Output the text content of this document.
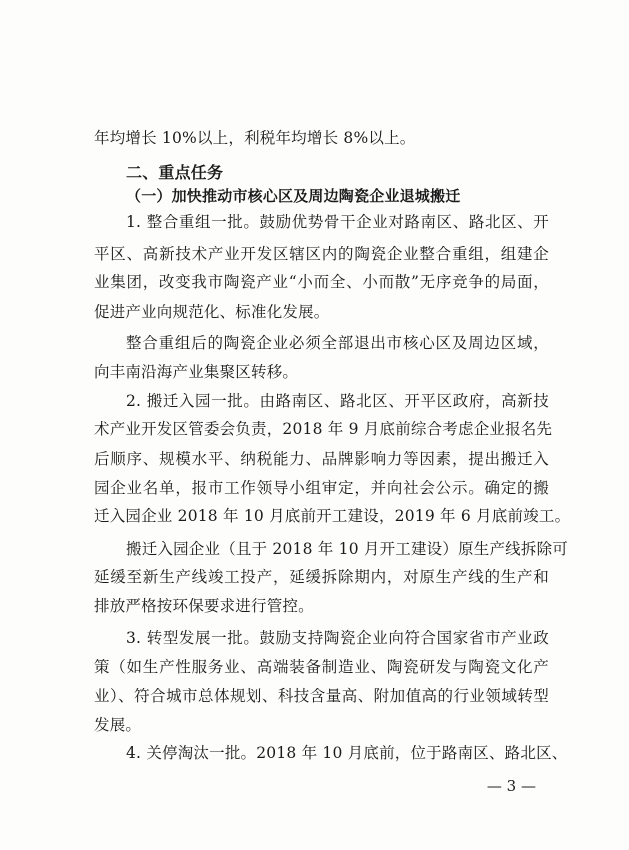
年均增长 10%以上，利税年均增长 8%以上。
二、重点任务
（一）加快推动市核心区及周边陶瓷企业退城搬迁
1. 整合重组一批。鼓励优势骨干企业对路南区、路北区、开
平区、高新技术产业开发区辖区内的陶瓷企业整合重组，组建企
业集团，改变我市陶瓷产业“小而全、小而散”无序竞争的局面，
促进产业向规范化、标准化发展。
整合重组后的陶瓷企业必须全部退出市核心区及周边区域，
向丰南沿海产业集聚区转移。
2. 搬迁入园一批。由路南区、路北区、开平区政府，高新技
术产业开发区管委会负责，2018 年 9 月底前综合考虑企业报名先
后顺序、规模水平、纳税能力、品牌影响力等因素，提出搬迁入
园企业名单，报市工作领导小组审定，并向社会公示。确定的搬
迁入园企业 2018 年 10 月底前开工建设，2019 年 6 月底前竣工。
搬迁入园企业（且于 2018 年 10 月开工建设）原生产线拆除可
延缓至新生产线竣工投产，延缓拆除期内，对原生产线的生产和
排放严格按环保要求进行管控。
3. 转型发展一批。鼓励支持陶瓷企业向符合国家省市产业政
策（如生产性服务业、高端装备制造业、陶瓷研发与陶瓷文化产
业）、符合城市总体规划、科技含量高、附加值高的行业领域转型
发展。
4. 关停淘汰一批。2018 年 10 月底前，位于路南区、路北区、
— 3 —
